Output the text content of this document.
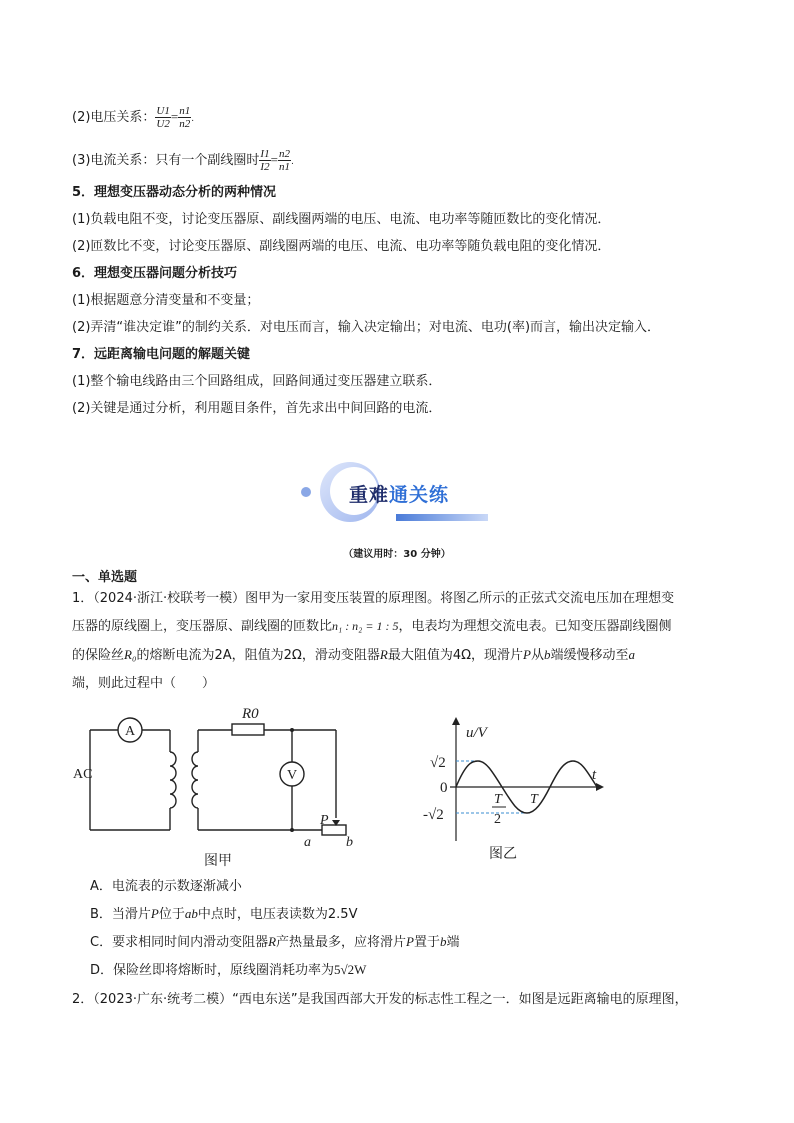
(2)电压关系： $\frac{U1}{U2} = \frac{n1}{n2}$ .
(3)电流关系：只有一个副线圈时 $\frac{I1}{I2} = \frac{n2}{n1}$ .
5．理想变压器动态分析的两种情况
(1)负载电阻不变，讨论变压器原、副线圈两端的电压、电流、电功率等随匝数比的变化情况．
(2)匝数比不变，讨论变压器原、副线圈两端的电压、电流、电功率等随负载电阻的变化情况．
6．理想变压器问题分析技巧
(1)根据题意分清变量和不变量；
(2)弄清“谁决定谁”的制约关系．对电压而言，输入决定输出；对电流、电功(率)而言，输出决定输入．
7．远距离输电问题的解题关键
(1)整个输电线路由三个回路组成，回路间通过变压器建立联系．
(2)关键是通过分析，利用题目条件，首先求出中间回路的电流．
重难通关练
（建议用时：30 分钟）
一、单选题
1．（2024·浙江·校联考一模）图甲为一家用变压装置的原理图。将图乙所示的正弦式交流电压加在理想变
压器的原线圈上，变压器原、副线圈的匝数比n₁ : n₂ = 1 : 5，电表均为理想交流电表。已知变压器副线圈侧
的保险丝R₀的熔断电流为2A，阻值为2Ω，滑动变阻器R最大阻值为4Ω，现滑片P从b端缓慢移动至a
端，则此过程中（　　）
A
R0
V
AC
P
a	b
图甲
u/V
t
√2
0
-√2
T
2
T
图乙
A．电流表的示数逐渐减小
B．当滑片P位于ab中点时，电压表读数为2.5V
C．要求相同时间内滑动变阻器R产热量最多，应将滑片P置于b端
D．保险丝即将熔断时，原线圈消耗功率为5√2W
2．（2023·广东·统考二模）“西电东送”是我国西部大开发的标志性工程之一．如图是远距离输电的原理图，
